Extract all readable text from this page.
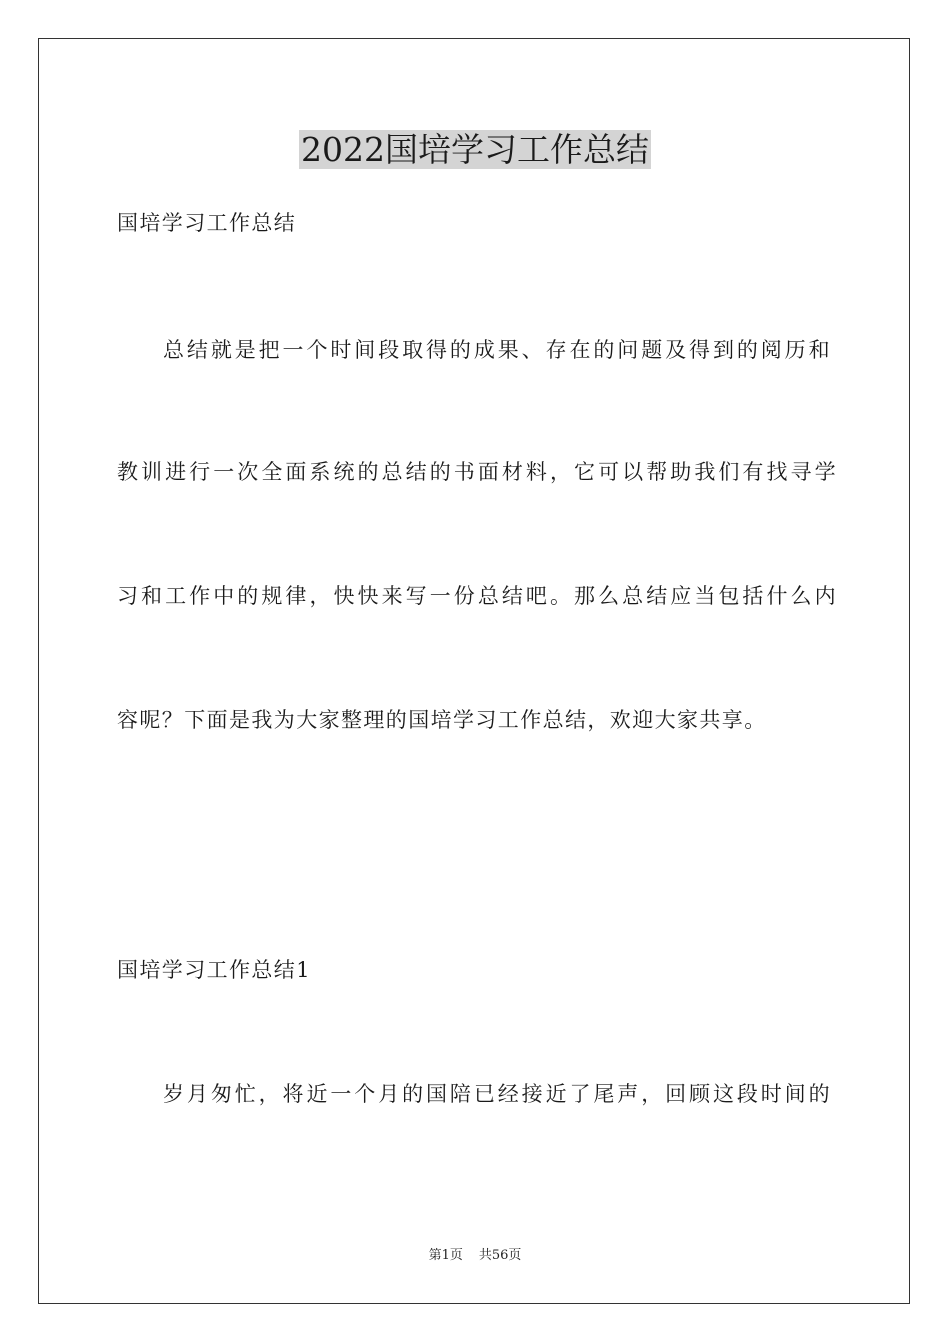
2022国培学习工作总结

国培学习工作总结

总结就是把一个时间段取得的成果、存在的问题及得到的阅历和

教训进行一次全面系统的总结的书面材料，它可以帮助我们有找寻学

习和工作中的规律，快快来写一份总结吧。那么总结应当包括什么内

容呢？下面是我为大家整理的国培学习工作总结，欢迎大家共享。

国培学习工作总结1

岁月匆忙，将近一个月的国陪已经接近了尾声，回顾这段时间的

第1页 共56页
